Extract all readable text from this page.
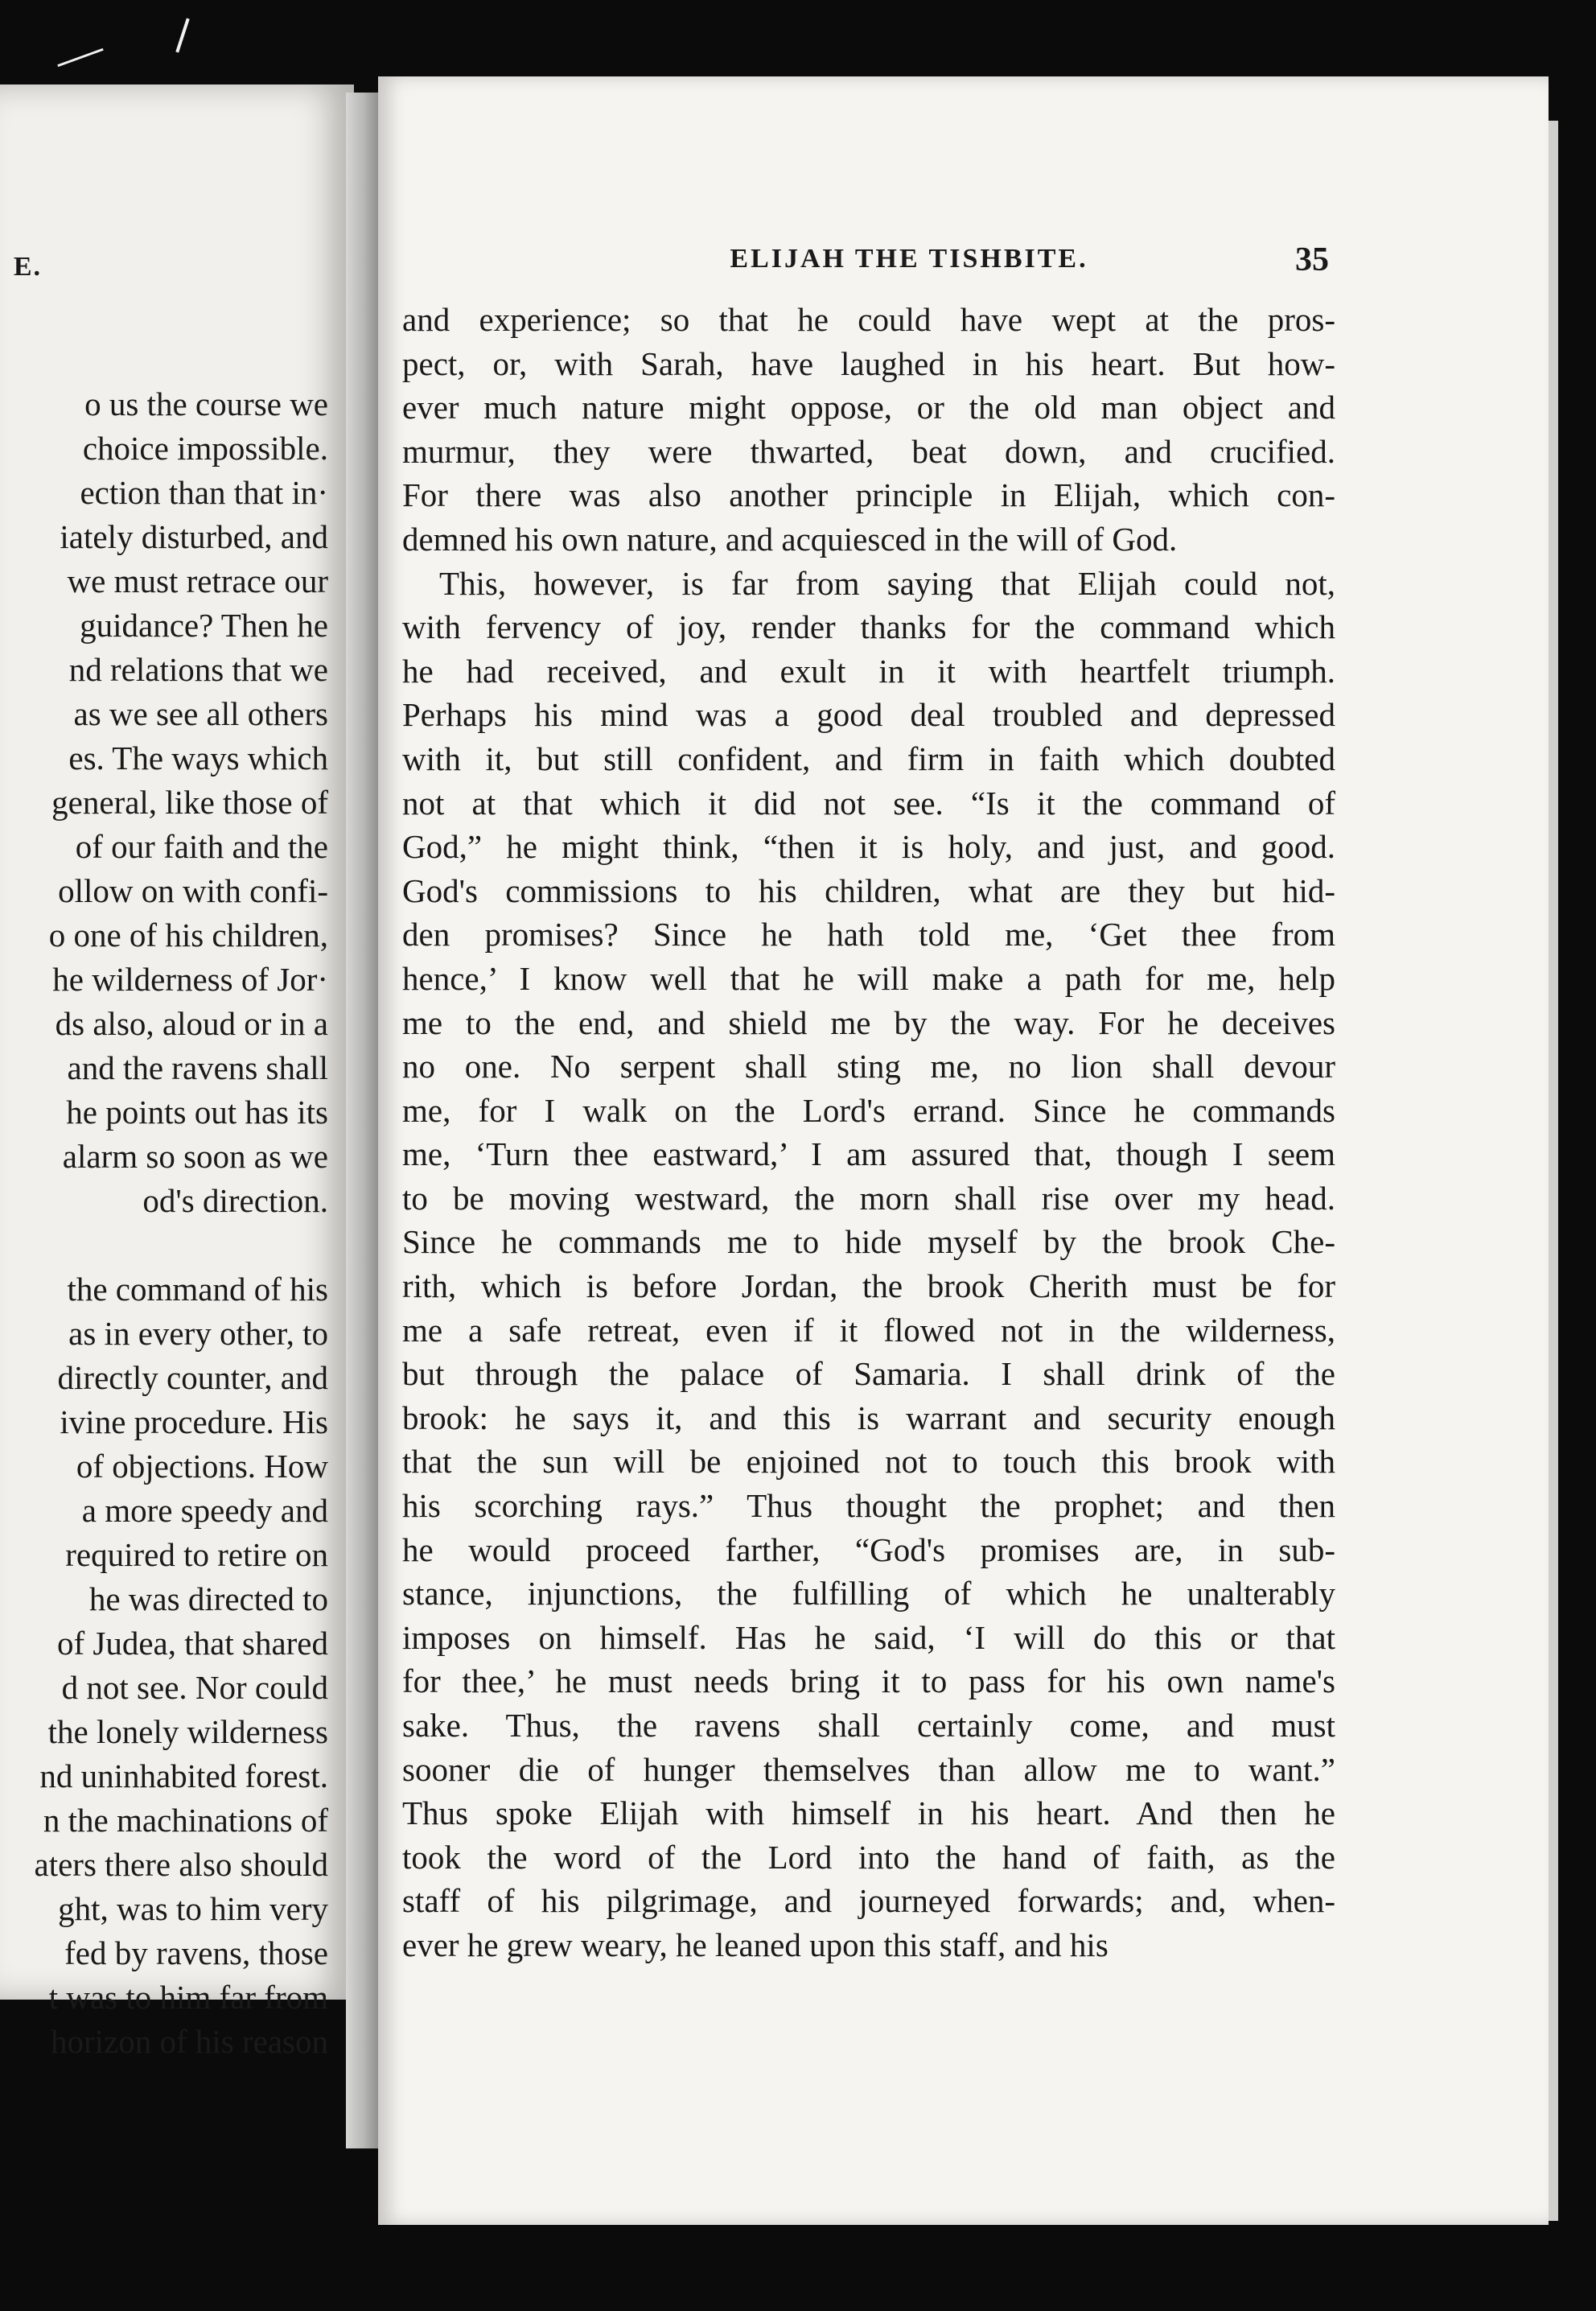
E.
o us the course we
choice impossible.
ection than that in·
iately disturbed, and
we must retrace our
guidance? Then he
nd relations that we
as we see all others
es. The ways which
general, like those of
of our faith and the
ollow on with confi-
o one of his children,
he wilderness of Jor·
ds also, aloud or in a
and the ravens shall
he points out has its
alarm so soon as we
od's direction.
the command of his
as in every other, to
directly counter, and
ivine procedure. His
of objections. How
a more speedy and
required to retire on
he was directed to
of Judea, that shared
d not see. Nor could
the lonely wilderness
nd uninhabited forest.
n the machinations of
aters there also should
ght, was to him very
fed by ravens, those
t was to him far from
horizon of his reason
ELIJAH THE TISHBITE.	35
and experience; so that he could have wept at the pros-
pect, or, with Sarah, have laughed in his heart. But how-
ever much nature might oppose, or the old man object and
murmur, they were thwarted, beat down, and crucified.
For there was also another principle in Elijah, which con-
demned his own nature, and acquiesced in the will of God.
This, however, is far from saying that Elijah could not,
with fervency of joy, render thanks for the command which
he had received, and exult in it with heartfelt triumph.
Perhaps his mind was a good deal troubled and depressed
with it, but still confident, and firm in faith which doubted
not at that which it did not see. “Is it the command of
God,” he might think, “then it is holy, and just, and good.
God's commissions to his children, what are they but hid-
den promises? Since he hath told me, ‘Get thee from
hence,’ I know well that he will make a path for me, help
me to the end, and shield me by the way. For he deceives
no one. No serpent shall sting me, no lion shall devour
me, for I walk on the Lord's errand. Since he commands
me, ‘Turn thee eastward,’ I am assured that, though I seem
to be moving westward, the morn shall rise over my head.
Since he commands me to hide myself by the brook Che-
rith, which is before Jordan, the brook Cherith must be for
me a safe retreat, even if it flowed not in the wilderness,
but through the palace of Samaria. I shall drink of the
brook: he says it, and this is warrant and security enough
that the sun will be enjoined not to touch this brook with
his scorching rays.” Thus thought the prophet; and then
he would proceed farther, “God's promises are, in sub-
stance, injunctions, the fulfilling of which he unalterably
imposes on himself. Has he said, ‘I will do this or that
for thee,’ he must needs bring it to pass for his own name's
sake. Thus, the ravens shall certainly come, and must
sooner die of hunger themselves than allow me to want.”
Thus spoke Elijah with himself in his heart. And then he
took the word of the Lord into the hand of faith, as the
staff of his pilgrimage, and journeyed forwards; and, when-
ever he grew weary, he leaned upon this staff, and his
